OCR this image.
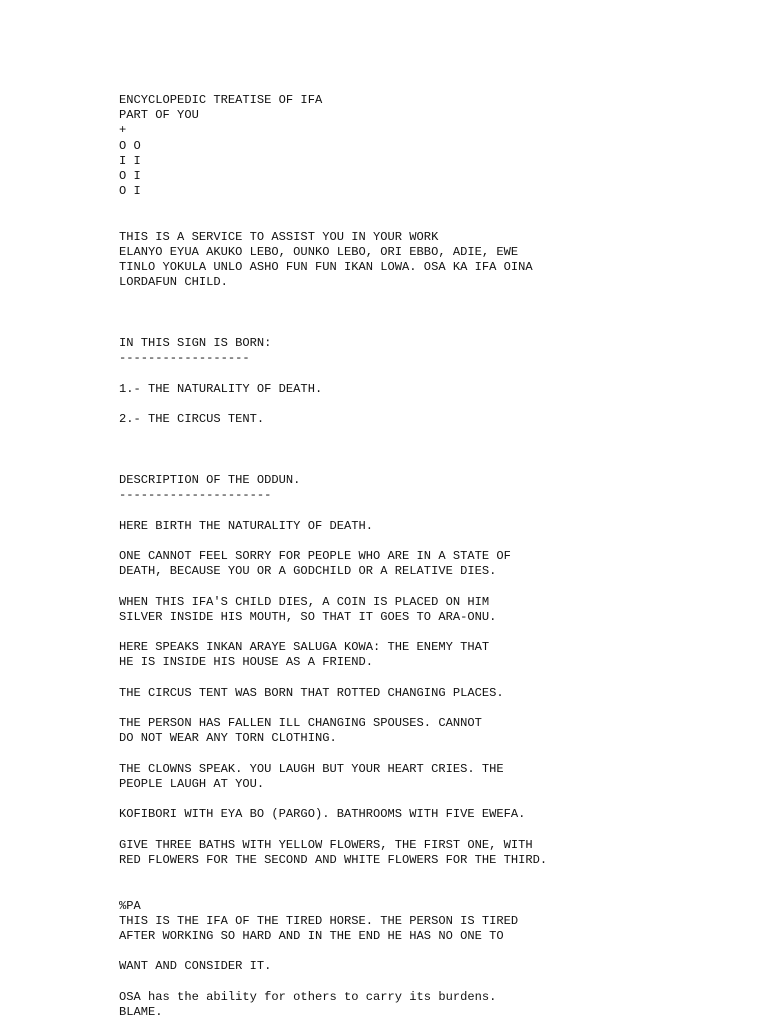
ENCYCLOPEDIC TREATISE OF IFA
PART OF YOU
+
O O
I I
O I
O I
THIS IS A SERVICE TO ASSIST YOU IN YOUR WORK
ELANYO EYUA AKUKO LEBO, OUNKO LEBO, ORI EBBO, ADIE, EWE
TINLO YOKULA UNLO ASHO FUN FUN IKAN LOWA. OSA KA IFA OINA
LORDAFUN CHILD.
IN THIS SIGN IS BORN:
------------------
1.- THE NATURALITY OF DEATH.
2.- THE CIRCUS TENT.
DESCRIPTION OF THE ODDUN.
---------------------
HERE BIRTH THE NATURALITY OF DEATH.
ONE CANNOT FEEL SORRY FOR PEOPLE WHO ARE IN A STATE OF
DEATH, BECAUSE YOU OR A GODCHILD OR A RELATIVE DIES.
WHEN THIS IFA'S CHILD DIES, A COIN IS PLACED ON HIM
SILVER INSIDE HIS MOUTH, SO THAT IT GOES TO ARA-ONU.
HERE SPEAKS INKAN ARAYE SALUGA KOWA: THE ENEMY THAT
HE IS INSIDE HIS HOUSE AS A FRIEND.
THE CIRCUS TENT WAS BORN THAT ROTTED CHANGING PLACES.
THE PERSON HAS FALLEN ILL CHANGING SPOUSES. CANNOT
DO NOT WEAR ANY TORN CLOTHING.
THE CLOWNS SPEAK. YOU LAUGH BUT YOUR HEART CRIES. THE
PEOPLE LAUGH AT YOU.
KOFIBORI WITH EYA BO (PARGO). BATHROOMS WITH FIVE EWEFA.
GIVE THREE BATHS WITH YELLOW FLOWERS, THE FIRST ONE, WITH
RED FLOWERS FOR THE SECOND AND WHITE FLOWERS FOR THE THIRD.
%PA
THIS IS THE IFA OF THE TIRED HORSE. THE PERSON IS TIRED
AFTER WORKING SO HARD AND IN THE END HE HAS NO ONE TO
WANT AND CONSIDER IT.
OSA has the ability for others to carry its burdens.
BLAME.
